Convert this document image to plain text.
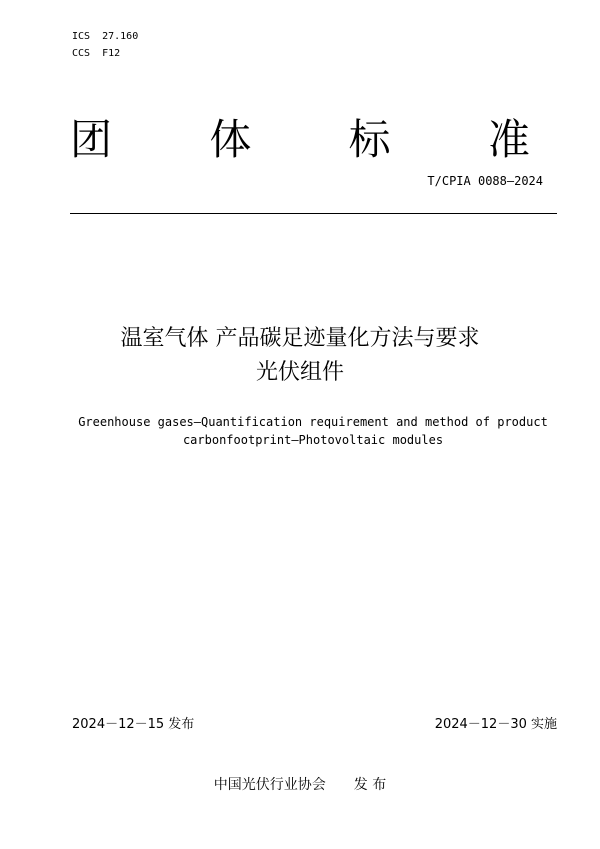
ICS  27.160
CCS  F12
团 体 标 准
T/CPIA 0088—2024
温室气体 产品碳足迹量化方法与要求
光伏组件
Greenhouse gases—Quantification requirement and method of product
carbonfootprint—Photovoltaic modules
2024－12－15 发布	2024－12－30 实施
中国光伏行业协会 发 布
